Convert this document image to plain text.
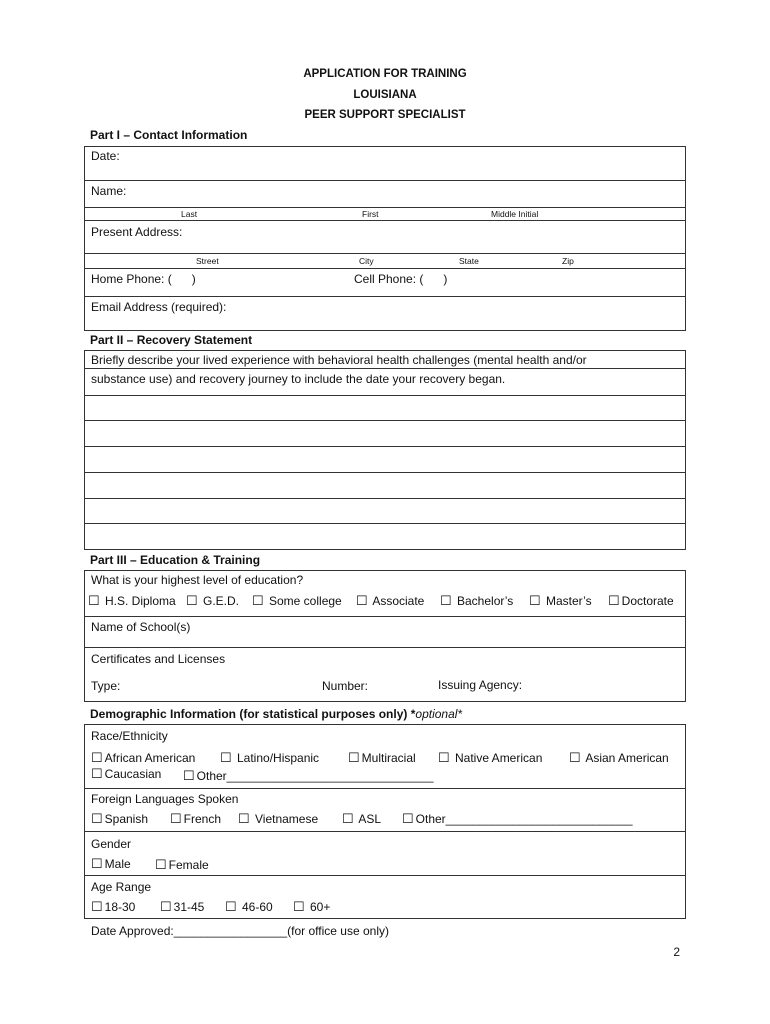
APPLICATION FOR TRAINING
LOUISIANA
PEER SUPPORT SPECIALIST
Part I – Contact Information
Date:
Name:
Last	First	Middle Initial
Present Address:
Street	City	State	Zip
Home Phone: (      )	Cell Phone: (      )
Email Address (required):
Part II – Recovery Statement
Briefly describe your lived experience with behavioral health challenges (mental health and/or
substance use) and recovery journey to include the date your recovery began.
Part III – Education & Training
What is your highest level of education?
☐ H.S. Diploma ☐ G.E.D. ☐ Some college ☐ Associate ☐ Bachelor’s ☐ Master’s ☐ Doctorate
Name of School(s)
Certificates and Licenses
Type:	Number:	Issuing Agency:
Demographic Information (for statistical purposes only) *optional*
Race/Ethnicity
☐ African American ☐ Latino/Hispanic ☐ Multiracial ☐ Native American ☐ Asian American
☐ Caucasian ☐ Other_______________________________
Foreign Languages Spoken
☐ Spanish ☐ French ☐ Vietnamese ☐ ASL ☐ Other____________________________
Gender
☐ Male ☐ Female
Age Range
☐ 18-30 ☐ 31-45 ☐ 46-60 ☐ 60+
Date Approved:_________________(for office use only)
2
